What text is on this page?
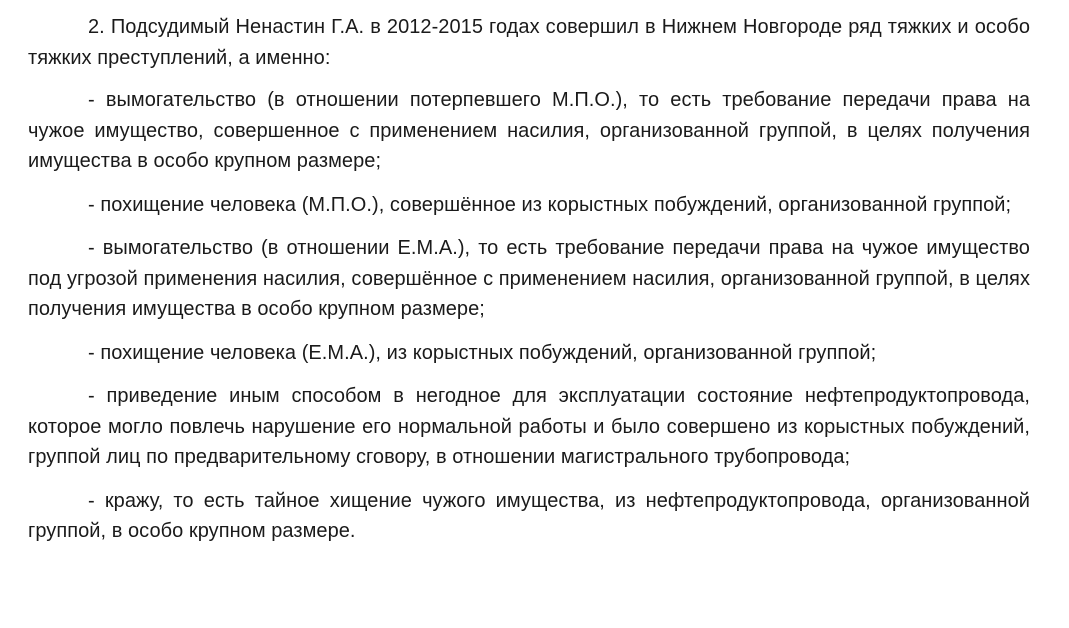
2. Подсудимый Ненастин Г.А. в 2012-2015 годах совершил в Нижнем Новгороде ряд тяжких и особо тяжких преступлений, а именно:

- вымогательство (в отношении потерпевшего М.П.О.), то есть требование передачи права на чужое имущество, совершенное с применением насилия, организованной группой, в целях получения имущества в особо крупном размере;

- похищение человека (М.П.О.), совершённое из корыстных побуждений, организованной группой;

- вымогательство (в отношении Е.М.А.), то есть требование передачи права на чужое имущество под угрозой применения насилия, совершённое с применением насилия, организованной группой, в целях получения имущества в особо крупном размере;

- похищение человека (Е.М.А.), из корыстных побуждений, организованной группой;

- приведение иным способом в негодное для эксплуатации состояние нефтепродуктопровода, которое могло повлечь нарушение его нормальной работы и было совершено из корыстных побуждений, группой лиц по предварительному сговору, в отношении магистрального трубопровода;

- кражу, то есть тайное хищение чужого имущества, из нефтепродуктопровода, организованной группой, в особо крупном размере.
